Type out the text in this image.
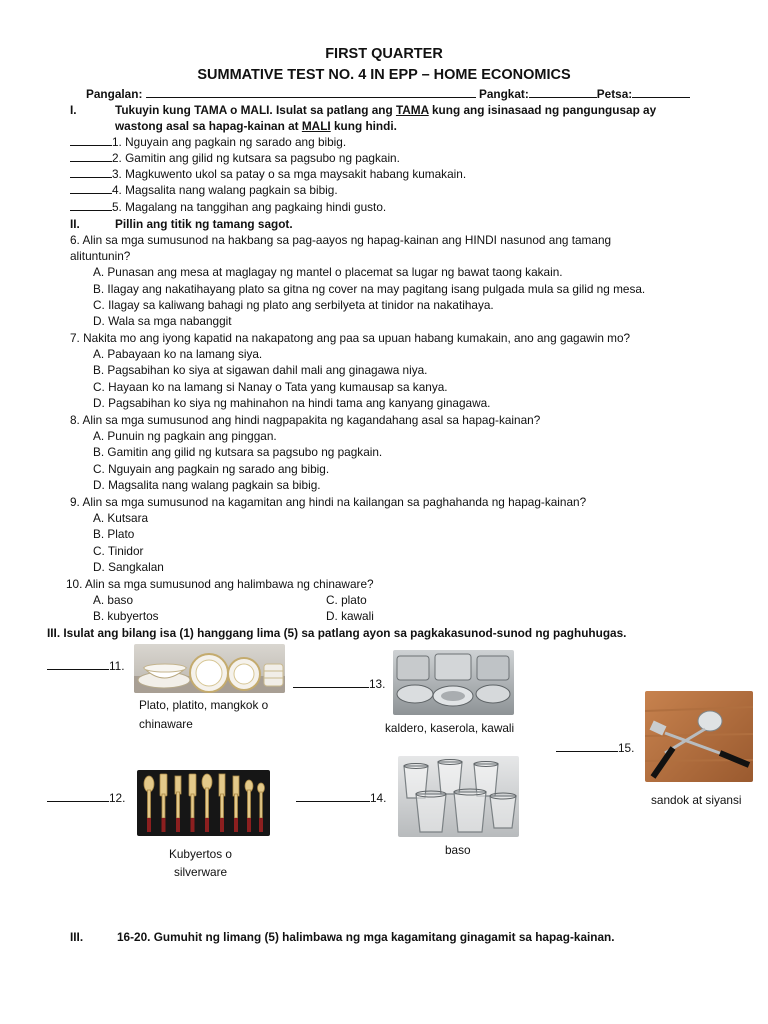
FIRST QUARTER
SUMMATIVE TEST NO. 4 IN EPP – HOME ECONOMICS
Pangalan:	Pangkat:	Petsa:
I.	Tukuyin kung TAMA o MALI. Isulat sa patlang ang TAMA kung ang isinasaad ng pangungusap ay
wastong asal sa hapag-kainan at MALI kung hindi.
1. Nguyain ang pagkain ng sarado ang bibig.
2. Gamitin ang gilid ng kutsara sa pagsubo ng pagkain.
3. Magkuwento ukol sa patay o sa mga maysakit habang kumakain.
4. Magsalita nang walang pagkain sa bibig.
5. Magalang na tanggihan ang pagkaing hindi gusto.
II.	Pillin ang titik ng tamang sagot.
6. Alin sa mga sumusunod na hakbang sa pag-aayos ng hapag-kainan ang HINDI nasunod ang tamang
alituntunin?
A. Punasan ang mesa at maglagay ng mantel o placemat sa lugar ng bawat taong kakain.
B. Ilagay ang nakatihayang plato sa gitna ng cover na may pagitang isang pulgada mula sa gilid ng mesa.
C. Ilagay sa kaliwang bahagi ng plato ang serbilyeta at tinidor na nakatihaya.
D. Wala sa mga nabanggit
7. Nakita mo ang iyong kapatid na nakapatong ang paa sa upuan habang kumakain, ano ang gagawin mo?
A. Pabayaan ko na lamang siya.
B. Pagsabihan ko siya at sigawan dahil mali ang ginagawa niya.
C. Hayaan ko na lamang si Nanay o Tata yang kumausap sa kanya.
D. Pagsabihan ko siya ng mahinahon na hindi tama ang kanyang ginagawa.
8. Alin sa mga sumusunod ang hindi nagpapakita ng kagandahang asal sa hapag-kainan?
A. Punuin ng pagkain ang pinggan.
B. Gamitin ang gilid ng kutsara sa pagsubo ng pagkain.
C. Nguyain ang pagkain ng sarado ang bibig.
D. Magsalita nang walang pagkain sa bibig.
9. Alin sa mga sumusunod na kagamitan ang hindi na kailangan sa paghahanda ng hapag-kainan?
A. Kutsara
B. Plato
C. Tinidor
D. Sangkalan
10. Alin sa mga sumusunod ang halimbawa ng chinaware?
A. baso	C. plato
B. kubyertos	D. kawali
III. Isulat ang bilang isa (1) hanggang lima (5) sa patlang ayon sa pagkakasunod-sunod ng paghuhugas.
11.
Plato, platito, mangkok o
chinaware
13.
kaldero, kaserola, kawali
15.
sandok at siyansi
12.
Kubyertos o
silverware
14.
baso
III.	16-20. Gumuhit ng limang (5) halimbawa ng mga kagamitang ginagamit sa hapag-kainan.
